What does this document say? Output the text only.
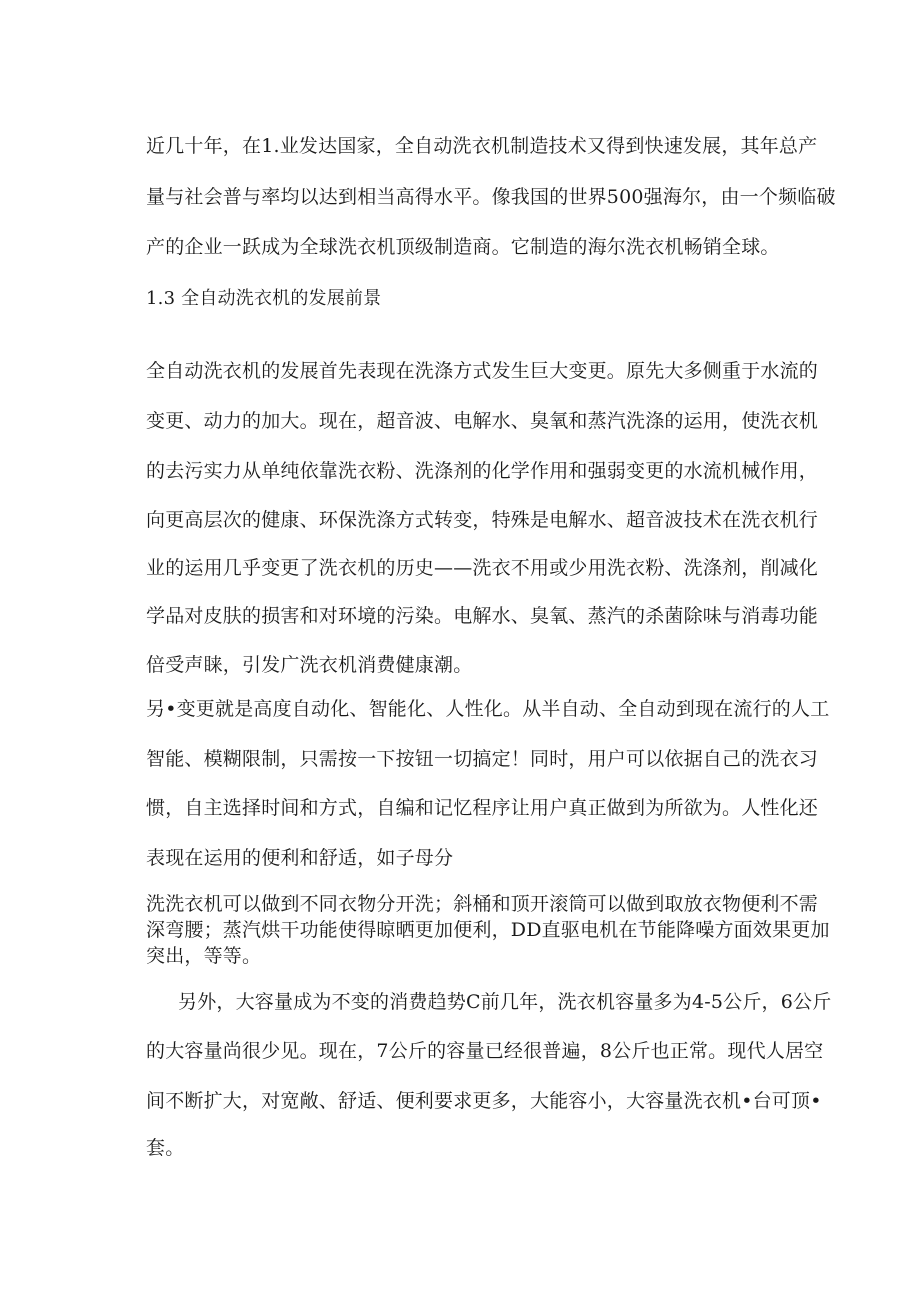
近几十年，在1.业发达国家，全自动洗衣机制造技术又得到快速发展，其年总产
量与社会普与率均以达到相当高得水平。像我国的世界500强海尔，由一个频临破
产的企业一跃成为全球洗衣机顶级制造商。它制造的海尔洗衣机畅销全球。
1.3 全自动洗衣机的发展前景
全自动洗衣机的发展首先表现在洗涤方式发生巨大变更。原先大多侧重于水流的
变更、动力的加大。现在，超音波、电解水、臭氧和蒸汽洗涤的运用，使洗衣机
的去污实力从单纯依靠洗衣粉、洗涤剂的化学作用和强弱变更的水流机械作用，
向更高层次的健康、环保洗涤方式转变，特殊是电解水、超音波技术在洗衣机行
业的运用几乎变更了洗衣机的历史——洗衣不用或少用洗衣粉、洗涤剂，削减化
学品对皮肤的损害和对环境的污染。电解水、臭氧、蒸汽的杀菌除味与消毒功能
倍受声睐，引发广洗衣机消费健康潮。
另•变更就是高度自动化、智能化、人性化。从半自动、全自动到现在流行的人工
智能、模糊限制，只需按一下按钮一切搞定！同时，用户可以依据自己的洗衣习
惯，自主选择时间和方式，自编和记忆程序让用户真正做到为所欲为。人性化还
表现在运用的便利和舒适，如子母分
洗洗衣机可以做到不同衣物分开洗；斜桶和顶开滚筒可以做到取放衣物便利不需
深弯腰；蒸汽烘干功能使得晾晒更加便利，DD直驱电机在节能降噪方面效果更加
突出，等等。
另外，大容量成为不变的消费趋势C前几年，洗衣机容量多为4-5公斤，6公斤
的大容量尚很少见。现在，7公斤的容量已经很普遍，8公斤也正常。现代人居空
间不断扩大，对宽敞、舒适、便利要求更多，大能容小，大容量洗衣机•台可顶•
套。
